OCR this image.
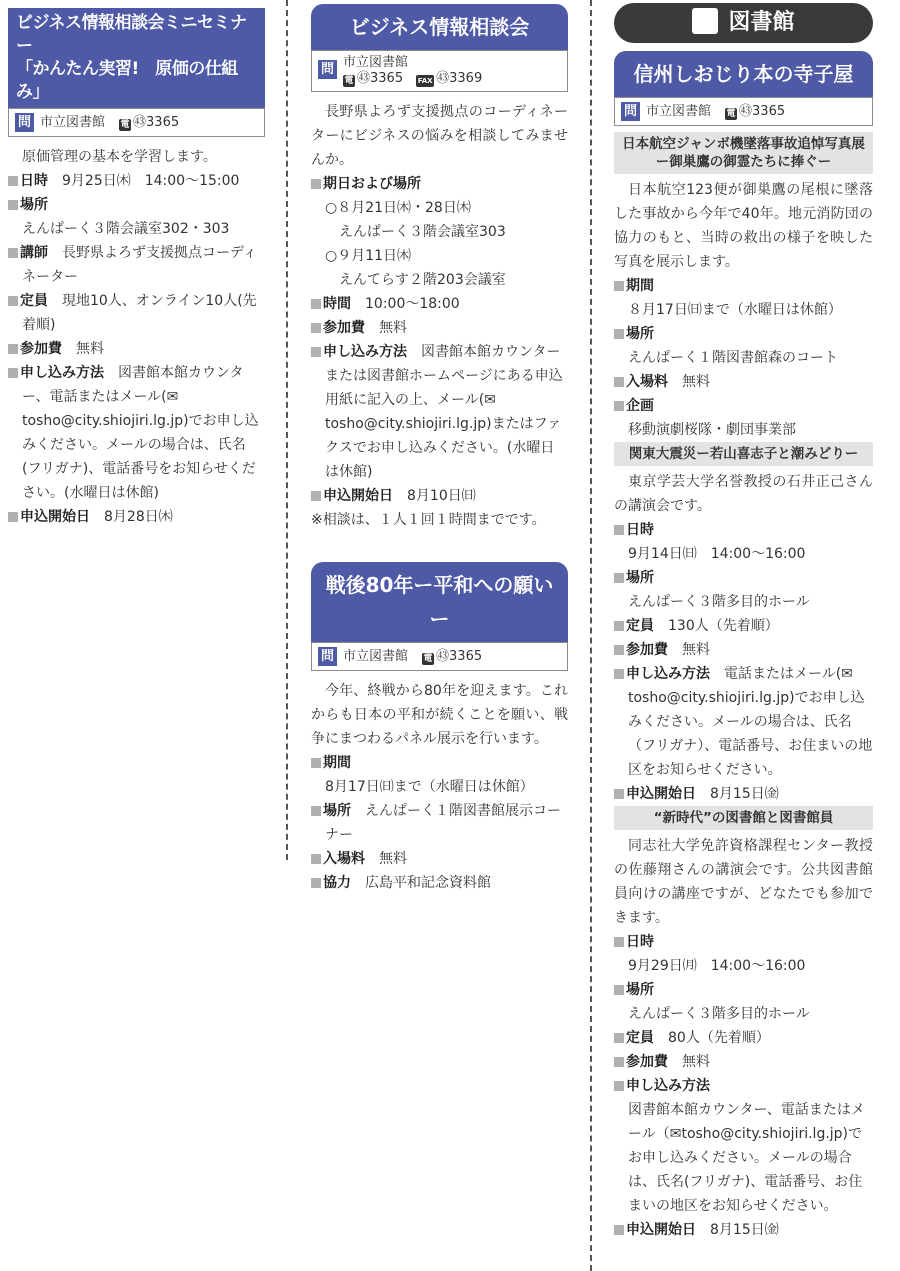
ビジネス情報相談会ミニセミナー
「かんたん実習!　原価の仕組み」
問 市立図書館 電 ㊸3365

原価管理の基本を学習します。

日時　 9月25日㈭　14:00〜15:00
場所
えんぱーく３階会議室302・303
講師　 長野県よろず支援拠点コーディネーター
定員　 現地10人、オンライン10人(先着順)
参加費　 無料
申し込み方法　 図書館本館カウンター、電話またはメール(✉tosho@city.shiojiri.lg.jp)でお申し込みください。メールの場合は、氏名(フリガナ)、電話番号をお知らせください。(水曜日は休館)
申込開始日　 8月28日㈭
ビジネス情報相談会
問 市立図書館
電 ㊸3365　 FAX ㊸3369

長野県よろず支援拠点のコーディネーターにビジネスの悩みを相談してみませんか。

期日および場所
○８月21日㈭・28日㈭
えんぱーく３階会議室303
○９月11日㈭
えんてらす２階203会議室
時間　 10:00〜18:00
参加費　 無料
申し込み方法　 図書館本館カウンターまたは図書館ホームページにある申込用紙に記入の上、メール(✉tosho@city.shiojiri.lg.jp)またはファクスでお申し込みください。(水曜日は休館)
申込開始日　 8月10日㈰
※相談は、１人１回１時間までです。
戦後80年ー平和への願いー
問 市立図書館 電 ㊸3365

今年、終戦から80年を迎えます。これからも日本の平和が続くことを願い、戦争にまつわるパネル展示を行います。

期間
8月17日㈰まで（水曜日は休館）
場所　 えんぱーく１階図書館展示コーナー
入場料　 無料
協力　 広島平和記念資料館
図書館
信州しおじり本の寺子屋
問 市立図書館 電 ㊸3365
日本航空ジャンボ機墜落事故追悼写真展ー御巣鷹の御霊たちに捧ぐー

日本航空123便が御巣鷹の尾根に墜落した事故から今年で40年。地元消防団の協力のもと、当時の救出の様子を映した写真を展示します。

期間
８月17日㈰まで（水曜日は休館）
場所
えんぱーく１階図書館森のコート
入場料　 無料
企画
移動演劇桜隊・劇団事業部
関東大震災ー若山喜志子と潮みどりー

東京学芸大学名誉教授の石井正己さんの講演会です。

日時
9月14日㈰　14:00〜16:00
場所
えんぱーく３階多目的ホール
定員　 130人（先着順）
参加費　 無料
申し込み方法　 電話またはメール(✉tosho@city.shiojiri.lg.jp)でお申し込みください。メールの場合は、氏名（フリガナ）、電話番号、お住まいの地区をお知らせください。
申込開始日　 8月15日㈮
“新時代”の図書館と図書館員

同志社大学免許資格課程センター教授の佐藤翔さんの講演会です。公共図書館員向けの講座ですが、どなたでも参加できます。

日時
9月29日㈪　14:00〜16:00
場所
えんぱーく３階多目的ホール
定員　 80人（先着順）
参加費　 無料
申し込み方法
図書館本館カウンター、電話またはメール（✉tosho@city.shiojiri.lg.jp)でお申し込みください。メールの場合は、氏名(フリガナ)、電話番号、お住まいの地区をお知らせください。
申込開始日　 8月15日㈮
